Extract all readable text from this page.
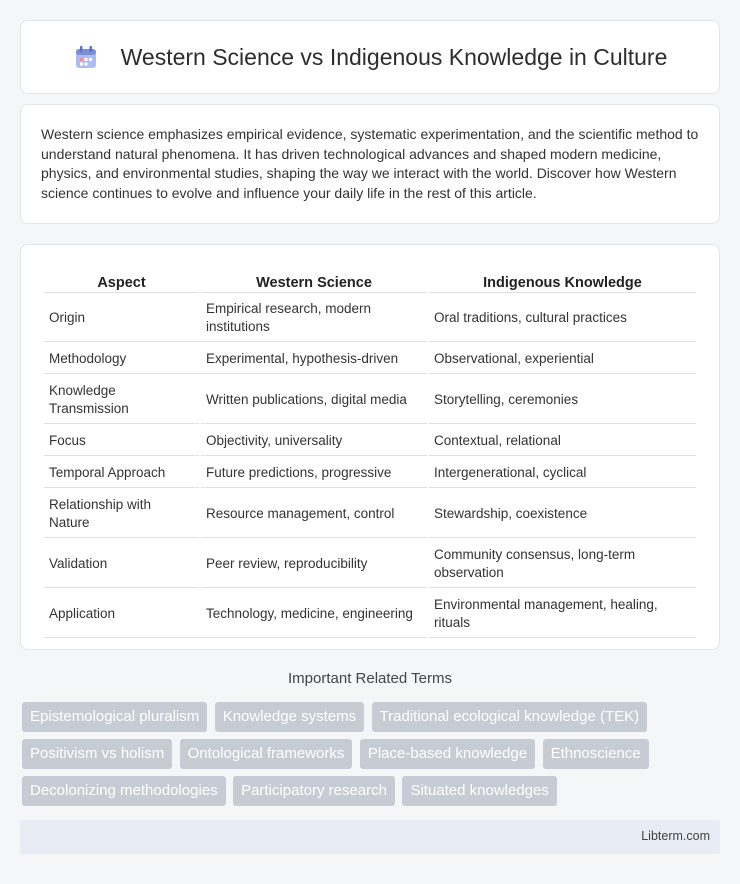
Western Science vs Indigenous Knowledge in Culture

Western science emphasizes empirical evidence, systematic experimentation, and the scientific method to understand natural phenomena. It has driven technological advances and shaped modern medicine, physics, and environmental studies, shaping the way we interact with the world. Discover how Western science continues to evolve and influence your daily life in the rest of this article.

Aspect	Western Science	Indigenous Knowledge
Origin	Empirical research, modern institutions	Oral traditions, cultural practices
Methodology	Experimental, hypothesis-driven	Observational, experiential
Knowledge Transmission	Written publications, digital media	Storytelling, ceremonies
Focus	Objectivity, universality	Contextual, relational
Temporal Approach	Future predictions, progressive	Intergenerational, cyclical
Relationship with Nature	Resource management, control	Stewardship, coexistence
Validation	Peer review, reproducibility	Community consensus, long-term observation
Application	Technology, medicine, engineering	Environmental management, healing, rituals
Important Related Terms
Epistemological pluralism Knowledge systems Traditional ecological knowledge (TEK) Positivism vs holism Ontological frameworks Place-based knowledge Ethnoscience Decolonizing methodologies Participatory research Situated knowledges
Libterm.com
